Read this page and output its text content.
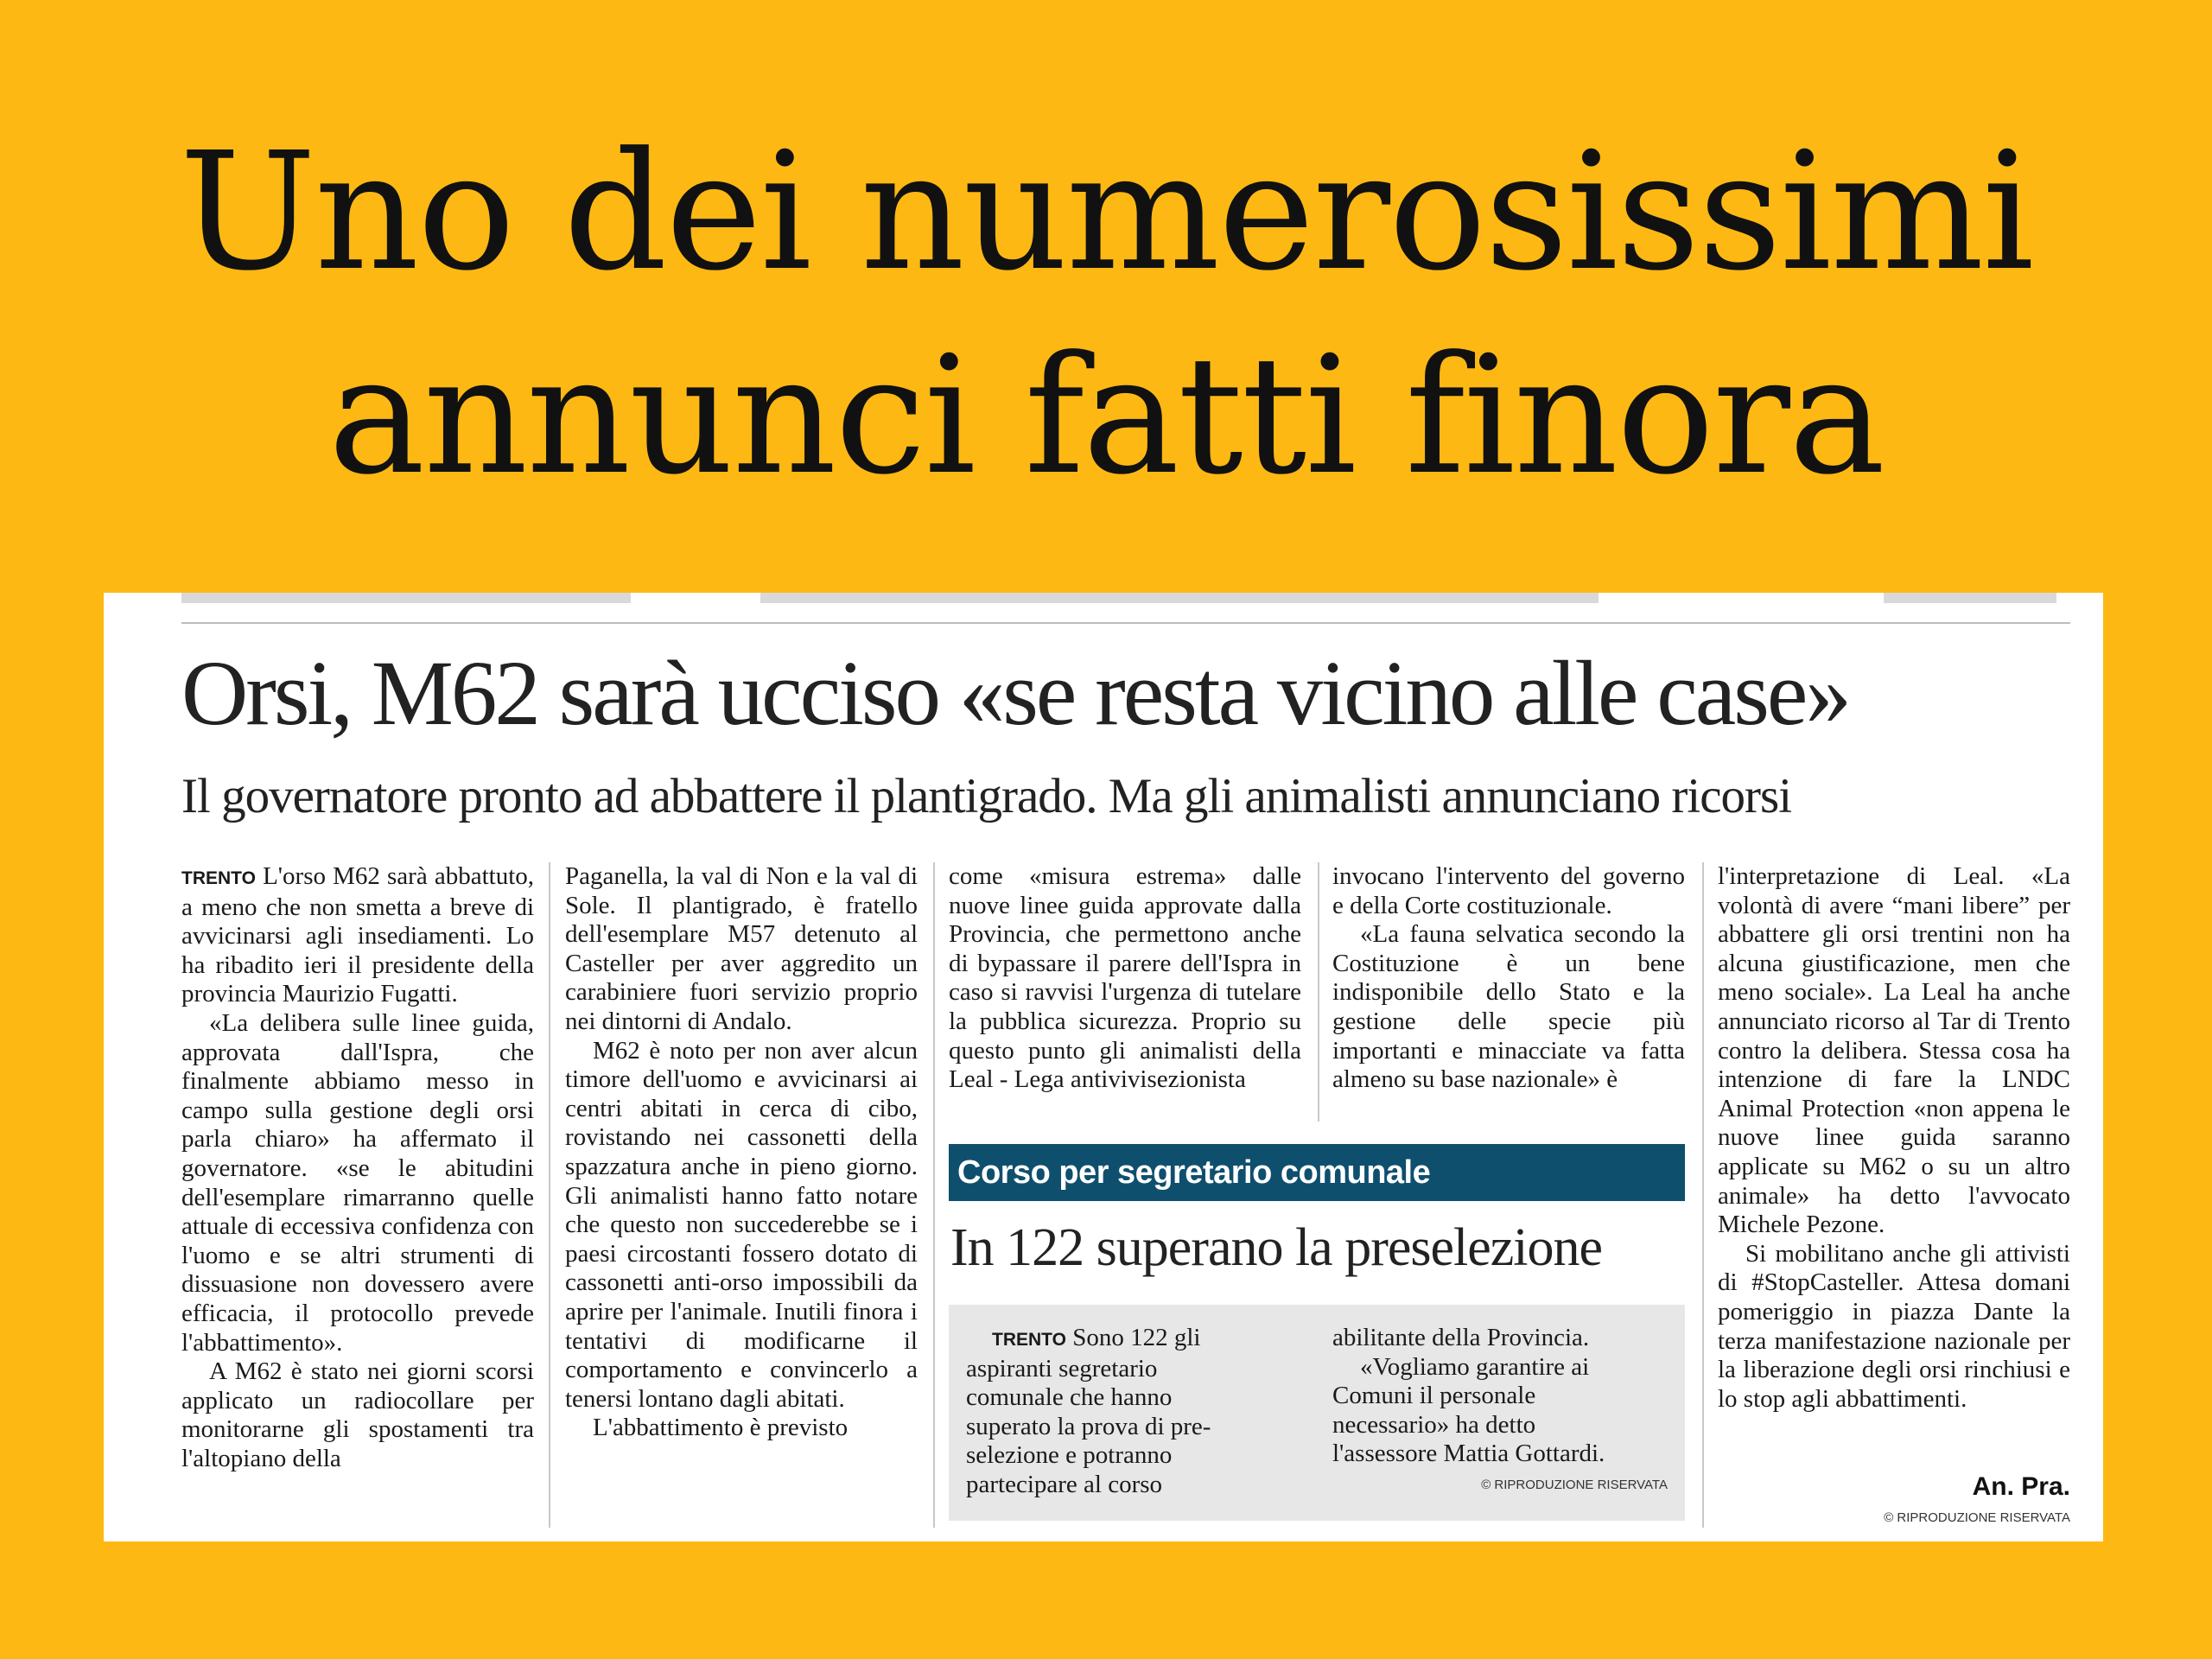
Uno dei numerosissimi
annunci fatti finora
Orsi, M62 sarà ucciso «se resta vicino alle case»
Il governatore pronto ad abbattere il plantigrado. Ma gli animalisti annunciano ricorsi

TRENTO L'orso M62 sarà abbattuto, a meno che non smetta a breve di avvicinarsi agli insediamenti. Lo ha ribadito ieri il presidente della provincia Maurizio Fugatti.

«La delibera sulle linee guida, approvata dall'Ispra, che finalmente abbiamo messo in campo sulla gestione degli orsi parla chiaro» ha affermato il governatore. «se le abitudini dell'esemplare rimarranno quelle attuale di eccessiva confidenza con l'uomo e se altri strumenti di dissuasione non dovessero avere efficacia, il protocollo prevede l'abbattimento».

A M62 è stato nei giorni scorsi applicato un radiocollare per monitorarne gli spostamenti tra l'altopiano della

Paganella, la val di Non e la val di Sole. Il plantigrado, è fratello dell'esemplare M57 detenuto al Casteller per aver aggredito un carabiniere fuori servizio proprio nei dintorni di Andalo.

M62 è noto per non aver alcun timore dell'uomo e avvicinarsi ai centri abitati in cerca di cibo, rovistando nei cassonetti della spazzatura anche in pieno giorno. Gli animalisti hanno fatto notare che questo non succederebbe se i paesi circostanti fossero dotato di cassonetti anti-orso impossibili da aprire per l'animale. Inutili finora i tentativi di modificarne il comportamento e convincerlo a tenersi lontano dagli abitati.

L'abbattimento è previsto

come «misura estrema» dalle nuove linee guida approvate dalla Provincia, che permettono anche di bypassare il parere dell'Ispra in caso si ravvisi l'urgenza di tutelare la pubblica sicurezza. Proprio su questo punto gli animalisti della Leal - Lega antivivisezionista

invocano l'intervento del governo e della Corte costituzionale.

«La fauna selvatica secondo la Costituzione è un bene indisponibile dello Stato e la gestione delle specie più importanti e minacciate va fatta almeno su base nazionale» è

l'interpretazione di Leal. «La volontà di avere “mani libere” per abbattere gli orsi trentini non ha alcuna giustificazione, men che meno sociale». La Leal ha anche annunciato ricorso al Tar di Trento contro la delibera. Stessa cosa ha intenzione di fare la LNDC Animal Protection «non appena le nuove linee guida saranno applicate su M62 o su un altro animale» ha detto l'avvocato Michele Pezone.

Si mobilitano anche gli attivisti di #StopCasteller. Attesa domani pomeriggio in piazza Dante la terza manifestazione nazionale per la liberazione degli orsi rinchiusi e lo stop agli abbattimenti.

An. Pra.
© RIPRODUZIONE RISERVATA
Corso per segretario comunale
In 122 superano la preselezione
TRENTO Sono 122 gli
aspiranti segretario
comunale che hanno
superato la prova di pre-
selezione e potranno
partecipare al corso
abilitante della Provincia.
«Vogliamo garantire ai
Comuni il personale
necessario» ha detto
l'assessore Mattia Gottardi.
© RIPRODUZIONE RISERVATA
